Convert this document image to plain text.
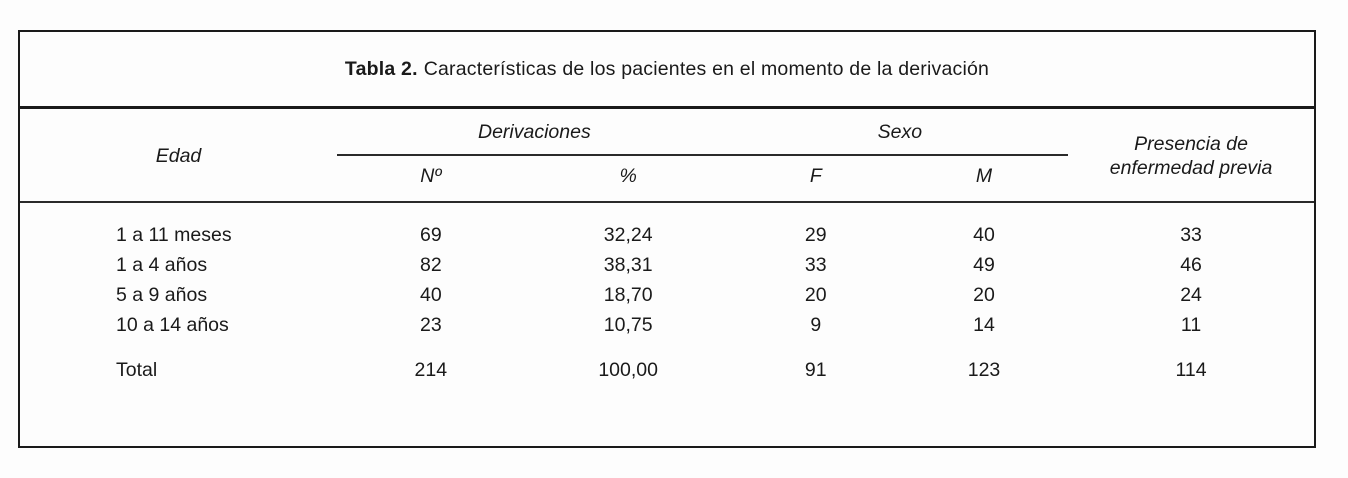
Tabla 2. Características de los pacientes en el momento de la derivación
Edad	Derivaciones		Sexo		Presencia de
enfermedad previa

	Nº	%	F	M	

1 a 11 meses	69	32,24	29	40	33
1 a 4 años	82	38,31	33	49	46
5 a 9 años	40	18,70	20	20	24
10 a 14 años	23	10,75	9	14	11
Total	214	100,00	91	123	114
